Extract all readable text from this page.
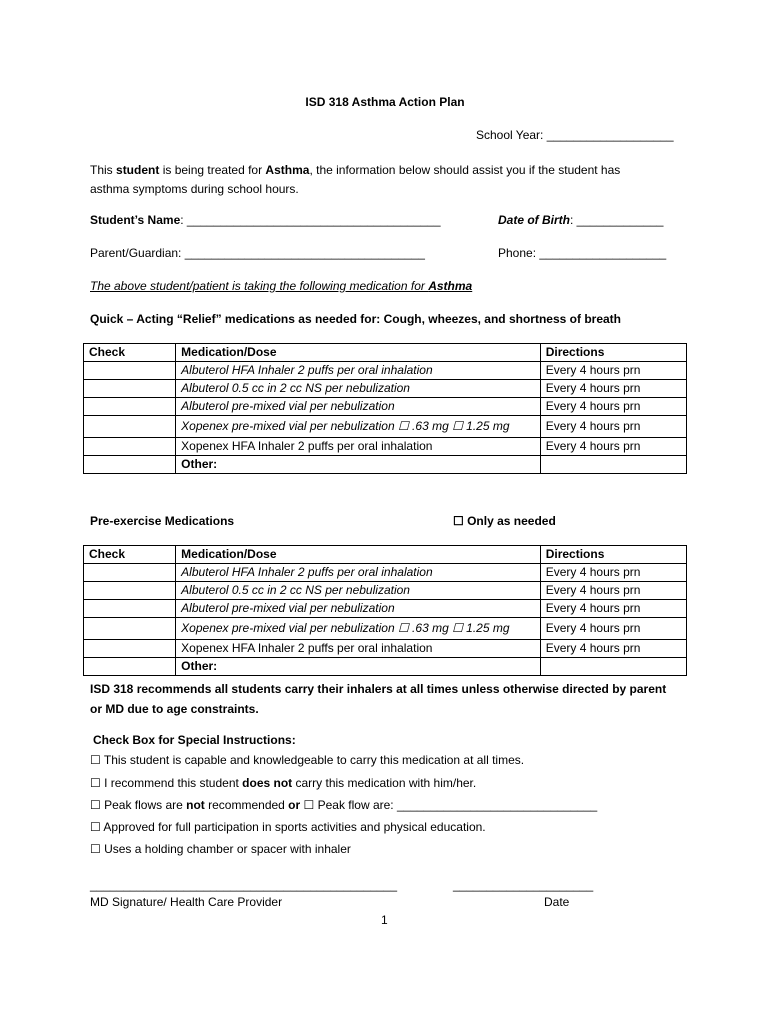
ISD 318 Asthma Action Plan
School Year: ___________________
This student is being treated for Asthma, the information below should assist you if the student has
asthma symptoms during school hours.
Student’s Name: ______________________________________	Date of Birth: _____________
Parent/Guardian: ____________________________________	Phone: ___________________
The above student/patient is taking the following medication for Asthma
Quick – Acting “Relief” medications as needed for: Cough, wheezes, and shortness of breath
Check	Medication/Dose	Directions
	Albuterol HFA Inhaler 2 puffs per oral inhalation	Every 4 hours prn
	Albuterol 0.5 cc in 2 cc NS per nebulization	Every 4 hours prn
	Albuterol pre-mixed vial per nebulization	Every 4 hours prn
	Xopenex pre-mixed vial per nebulization ☐ .63 mg ☐ 1.25 mg	Every 4 hours prn
	Xopenex HFA Inhaler 2 puffs per oral inhalation	Every 4 hours prn
	Other:	
Pre-exercise Medications	☐ Only as needed
Check	Medication/Dose	Directions
	Albuterol HFA Inhaler 2 puffs per oral inhalation	Every 4 hours prn
	Albuterol 0.5 cc in 2 cc NS per nebulization	Every 4 hours prn
	Albuterol pre-mixed vial per nebulization	Every 4 hours prn
	Xopenex pre-mixed vial per nebulization ☐ .63 mg ☐ 1.25 mg	Every 4 hours prn
	Xopenex HFA Inhaler 2 puffs per oral inhalation	Every 4 hours prn
	Other:	
ISD 318 recommends all students carry their inhalers at all times unless otherwise directed by parent
or MD due to age constraints.
Check Box for Special Instructions:
☐ This student is capable and knowledgeable to carry this medication at all times.
☐ I recommend this student does not carry this medication with him/her.
☐ Peak flows are not recommended or ☐ Peak flow are: ______________________________
☐ Approved for full participation in sports activities and physical education.
☐ Uses a holding chamber or spacer with inhaler
______________________________________________	_____________________
MD Signature/ Health Care Provider	Date
1
